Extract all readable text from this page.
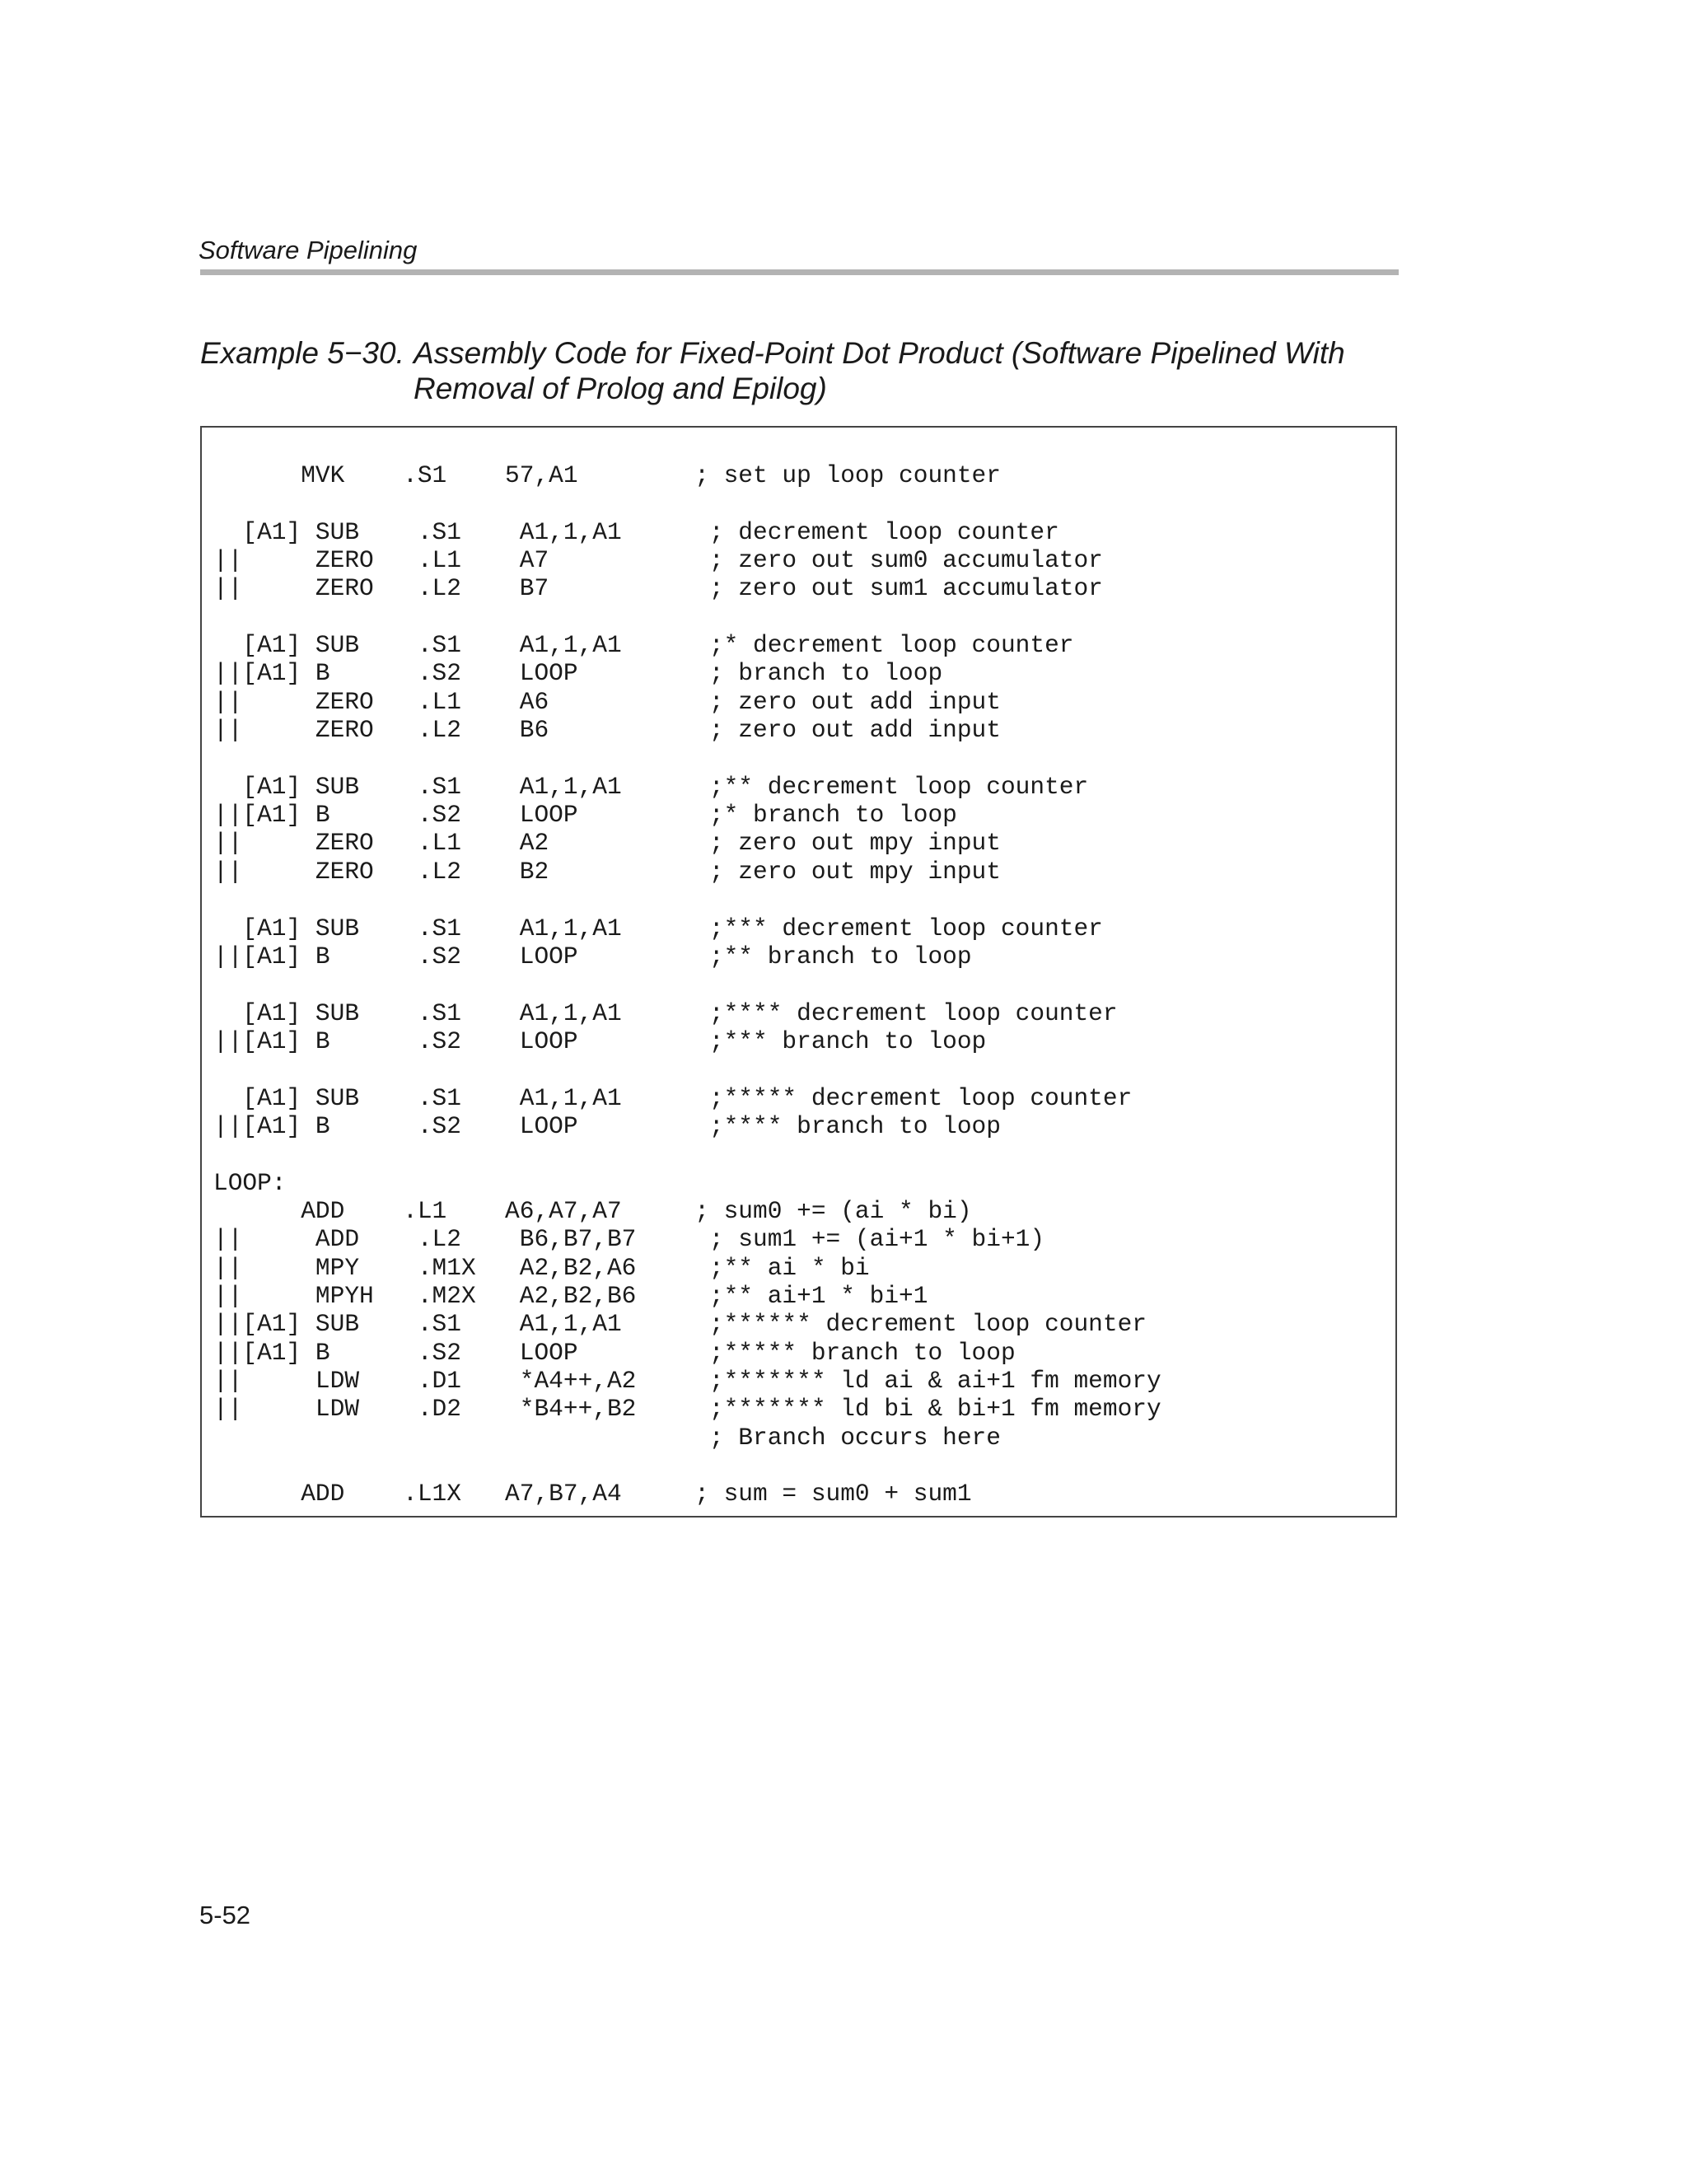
Software Pipelining
Example 5−30. Assembly Code for Fixed-Point Dot Product (Software Pipelined With
Removal of Prolog and Epilog)
MVK    .S1    57,A1        ; set up loop counter
[A1] SUB    .S1    A1,1,A1      ; decrement loop counter
||     ZERO   .L1    A7           ; zero out sum0 accumulator
||     ZERO   .L2    B7           ; zero out sum1 accumulator
[A1] SUB    .S1    A1,1,A1      ;* decrement loop counter
||[A1] B      .S2    LOOP         ; branch to loop
||     ZERO   .L1    A6           ; zero out add input
||     ZERO   .L2    B6           ; zero out add input
[A1] SUB    .S1    A1,1,A1      ;** decrement loop counter
||[A1] B      .S2    LOOP         ;* branch to loop
||     ZERO   .L1    A2           ; zero out mpy input
||     ZERO   .L2    B2           ; zero out mpy input
[A1] SUB    .S1    A1,1,A1      ;*** decrement loop counter
||[A1] B      .S2    LOOP         ;** branch to loop
[A1] SUB    .S1    A1,1,A1      ;**** decrement loop counter
||[A1] B      .S2    LOOP         ;*** branch to loop
[A1] SUB    .S1    A1,1,A1      ;***** decrement loop counter
||[A1] B      .S2    LOOP         ;**** branch to loop
LOOP:
ADD    .L1    A6,A7,A7     ; sum0 += (ai * bi)
||     ADD    .L2    B6,B7,B7     ; sum1 += (ai+1 * bi+1)
||     MPY    .M1X   A2,B2,A6     ;** ai * bi
||     MPYH   .M2X   A2,B2,B6     ;** ai+1 * bi+1
||[A1] SUB    .S1    A1,1,A1      ;****** decrement loop counter
||[A1] B      .S2    LOOP         ;***** branch to loop
||     LDW    .D1    *A4++,A2     ;******* ld ai & ai+1 fm memory
||     LDW    .D2    *B4++,B2     ;******* ld bi & bi+1 fm memory
; Branch occurs here
ADD    .L1X   A7,B7,A4     ; sum = sum0 + sum1
5-52
